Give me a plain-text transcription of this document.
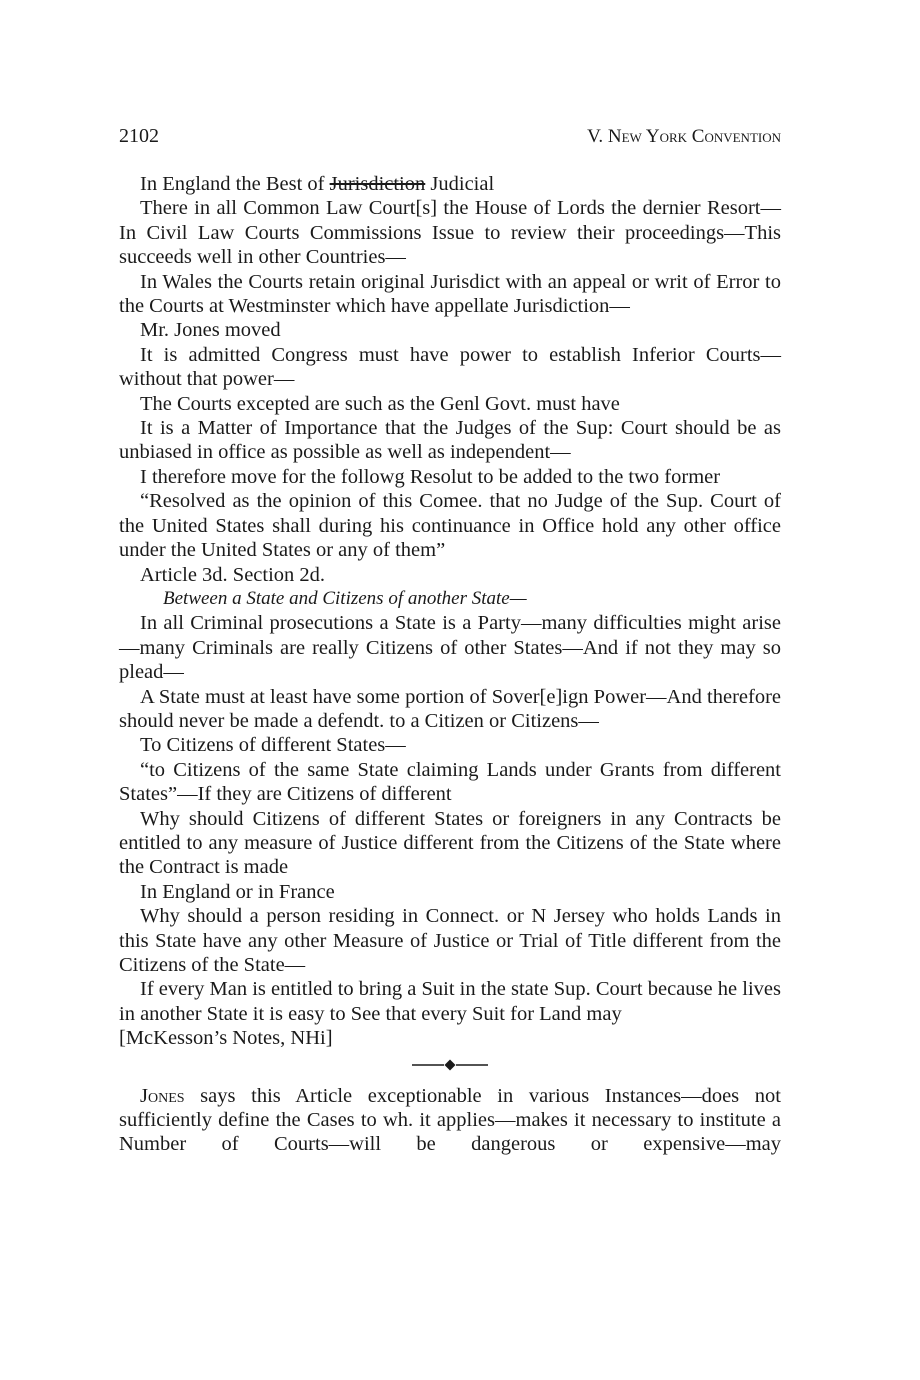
2102	V. New York Convention
In England the Best of Jurisdiction Judicial
There in all Common Law Court[s] the House of Lords the dernier Resort—In Civil Law Courts Commissions Issue to review their proceedings—This succeeds well in other Countries—
In Wales the Courts retain original Jurisdict with an appeal or writ of Error to the Courts at Westminster which have appellate Jurisdiction—
Mr. Jones moved
It is admitted Congress must have power to establish Inferior Courts—without that power—
The Courts excepted are such as the Genl Govt. must have
It is a Matter of Importance that the Judges of the Sup: Court should be as unbiased in office as possible as well as independent—
I therefore move for the followg Resolut to be added to the two former
“Resolved as the opinion of this Comee. that no Judge of the Sup. Court of the United States shall during his continuance in Office hold any other office under the United States or any of them”
Article 3d. Section 2d.
Between a State and Citizens of another State—
In all Criminal prosecutions a State is a Party—many difficulties might arise—many Criminals are really Citizens of other States—And if not they may so plead—
A State must at least have some portion of Sover[e]ign Power—And therefore should never be made a defendt. to a Citizen or Citizens—
To Citizens of different States—
“to Citizens of the same State claiming Lands under Grants from different States”—If they are Citizens of different
Why should Citizens of different States or foreigners in any Contracts be entitled to any measure of Justice different from the Citizens of the State where the Contract is made
In England or in France
Why should a person residing in Connect. or N Jersey who holds Lands in this State have any other Measure of Justice or Trial of Title different from the Citizens of the State—
If every Man is entitled to bring a Suit in the state Sup. Court because he lives in another State it is easy to See that every Suit for Land may
[McKesson’s Notes, NHi]
Jones says this Article exceptionable in various Instances—does not sufficiently define the Cases to wh. it applies—makes it necessary to institute a Number of Courts—will be dangerous or expensive—may
